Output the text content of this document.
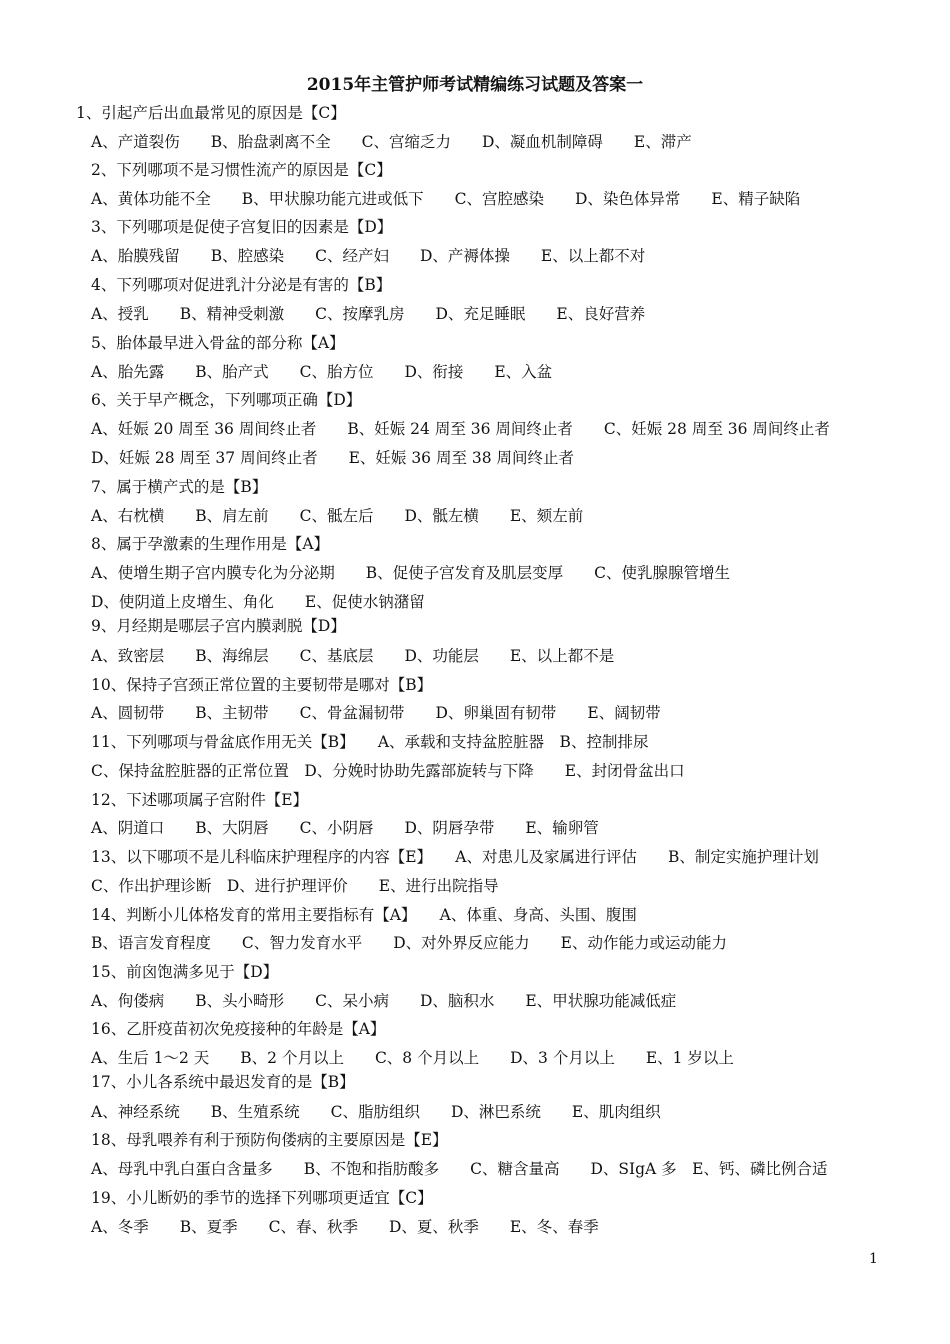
2015年主管护师考试精编练习试题及答案一
1、引起产后出血最常见的原因是【C】
A、产道裂伤　　B、胎盘剥离不全　　C、宫缩乏力　　D、凝血机制障碍　　E、滞产
2、下列哪项不是习惯性流产的原因是【C】
A、黄体功能不全　　B、甲状腺功能亢进或低下　　C、宫腔感染　　D、染色体异常　　E、精子缺陷
3、下列哪项是促使子宫复旧的因素是【D】
A、胎膜残留　　B、腔感染　　C、经产妇　　D、产褥体操　　E、以上都不对
4、下列哪项对促进乳汁分泌是有害的【B】
A、授乳　　B、精神受刺激　　C、按摩乳房　　D、充足睡眠　　E、良好营养
5、胎体最早进入骨盆的部分称【A】
A、胎先露　　B、胎产式　　C、胎方位　　D、衔接　　E、入盆
6、关于早产概念，下列哪项正确【D】
A、妊娠 20 周至 36 周间终止者　　B、妊娠 24 周至 36 周间终止者　　C、妊娠 28 周至 36 周间终止者
D、妊娠 28 周至 37 周间终止者　　E、妊娠 36 周至 38 周间终止者
7、属于横产式的是【B】
A、右枕横　　B、肩左前　　C、骶左后　　D、骶左横　　E、颏左前
8、属于孕激素的生理作用是【A】
A、使增生期子宫内膜专化为分泌期　　B、促使子宫发育及肌层变厚　　C、使乳腺腺管增生
D、使阴道上皮增生、角化　　E、促使水钠潴留
9、月经期是哪层子宫内膜剥脱【D】
A、致密层　　B、海绵层　　C、基底层　　D、功能层　　E、以上都不是
10、保持子宫颈正常位置的主要韧带是哪对【B】
A、圆韧带　　B、主韧带　　C、骨盆漏韧带　　D、卵巢固有韧带　　E、阔韧带
11、下列哪项与骨盆底作用无关【B】　　A、承载和支持盆腔脏器　B、控制排尿
C、保持盆腔脏器的正常位置　D、分娩时协助先露部旋转与下降　　E、封闭骨盆出口
12、下述哪项属子宫附件【E】
A、阴道口　　B、大阴唇　　C、小阴唇　　D、阴唇孕带　　E、输卵管
13、以下哪项不是儿科临床护理程序的内容【E】　　A、对患儿及家属进行评估　　B、制定实施护理计划
C、作出护理诊断　D、进行护理评价　　E、进行出院指导
14、判断小儿体格发育的常用主要指标有【A】　　A、体重、身高、头围、腹围
B、语言发育程度　　C、智力发育水平　　D、对外界反应能力　　E、动作能力或运动能力
15、前囟饱满多见于【D】
A、佝偻病　　B、头小畸形　　C、呆小病　　D、脑积水　　E、甲状腺功能减低症
16、乙肝疫苗初次免疫接种的年龄是【A】
A、生后 1～2 天　　B、2 个月以上　　C、8 个月以上　　D、3 个月以上　　E、1 岁以上
17、小儿各系统中最迟发育的是【B】
A、神经系统　　B、生殖系统　　C、脂肪组织　　D、淋巴系统　　E、肌肉组织
18、母乳喂养有利于预防佝偻病的主要原因是【E】
A、母乳中乳白蛋白含量多　　B、不饱和指肪酸多　　C、糖含量高　　D、SIgA 多　E、钙、磷比例合适
19、小儿断奶的季节的选择下列哪项更适宜【C】
A、冬季　　B、夏季　　C、春、秋季　　D、夏、秋季　　E、冬、春季
1
